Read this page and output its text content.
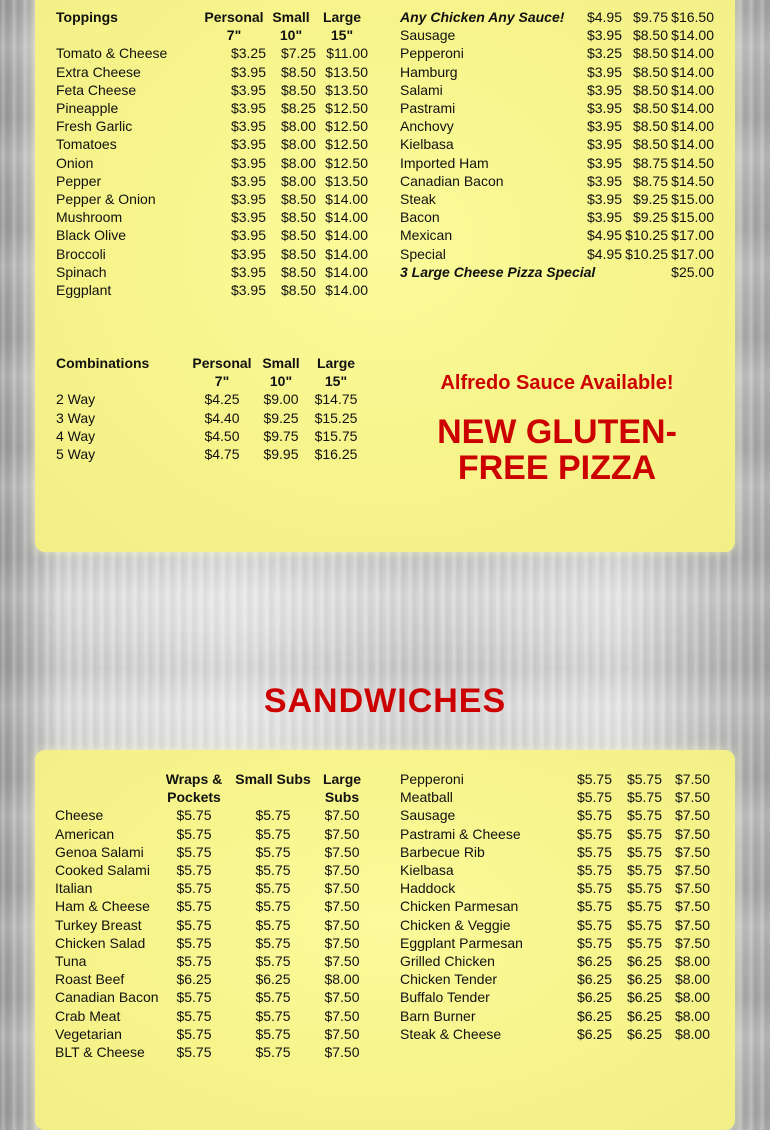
Toppings	Personal 7"	Small 10"	Large 15"
Tomato & Cheese	$3.25	$7.25	$11.00
Extra Cheese	$3.95	$8.50	$13.50
Feta Cheese	$3.95	$8.50	$13.50
Pineapple	$3.95	$8.25	$12.50
Fresh Garlic	$3.95	$8.00	$12.50
Tomatoes	$3.95	$8.00	$12.50
Onion	$3.95	$8.00	$12.50
Pepper	$3.95	$8.00	$13.50
Pepper & Onion	$3.95	$8.50	$14.00
Mushroom	$3.95	$8.50	$14.00
Black Olive	$3.95	$8.50	$14.00
Broccoli	$3.95	$8.50	$14.00
Spinach	$3.95	$8.50	$14.00
Eggplant	$3.95	$8.50	$14.00
Any Chicken Any Sauce!	$4.95	$9.75	$16.50
Sausage	$3.95	$8.50	$14.00
Pepperoni	$3.25	$8.50	$14.00
Hamburg	$3.95	$8.50	$14.00
Salami	$3.95	$8.50	$14.00
Pastrami	$3.95	$8.50	$14.00
Anchovy	$3.95	$8.50	$14.00
Kielbasa	$3.95	$8.50	$14.00
Imported Ham	$3.95	$8.75	$14.50
Canadian Bacon	$3.95	$8.75	$14.50
Steak	$3.95	$9.25	$15.00
Bacon	$3.95	$9.25	$15.00
Mexican	$4.95	$10.25	$17.00
Special	$4.95	$10.25	$17.00
3 Large Cheese Pizza Special			$25.00
Combinations	Personal 7"	Small 10"	Large 15"
2 Way	$4.25	$9.00	$14.75
3 Way	$4.40	$9.25	$15.25
4 Way	$4.50	$9.75	$15.75
5 Way	$4.75	$9.95	$16.25
Alfredo Sauce Available!
NEW GLUTEN-FREE PIZZA
SANDWICHES
	Wraps & Pockets	Small Subs	Large Subs
Cheese	$5.75	$5.75	$7.50
American	$5.75	$5.75	$7.50
Genoa Salami	$5.75	$5.75	$7.50
Cooked Salami	$5.75	$5.75	$7.50
Italian	$5.75	$5.75	$7.50
Ham & Cheese	$5.75	$5.75	$7.50
Turkey Breast	$5.75	$5.75	$7.50
Chicken Salad	$5.75	$5.75	$7.50
Tuna	$5.75	$5.75	$7.50
Roast Beef	$6.25	$6.25	$8.00
Canadian Bacon	$5.75	$5.75	$7.50
Crab Meat	$5.75	$5.75	$7.50
Vegetarian	$5.75	$5.75	$7.50
BLT & Cheese	$5.75	$5.75	$7.50
Pepperoni	$5.75	$5.75	$7.50
Meatball	$5.75	$5.75	$7.50
Sausage	$5.75	$5.75	$7.50
Pastrami & Cheese	$5.75	$5.75	$7.50
Barbecue Rib	$5.75	$5.75	$7.50
Kielbasa	$5.75	$5.75	$7.50
Haddock	$5.75	$5.75	$7.50
Chicken Parmesan	$5.75	$5.75	$7.50
Chicken & Veggie	$5.75	$5.75	$7.50
Eggplant Parmesan	$5.75	$5.75	$7.50
Grilled Chicken	$6.25	$6.25	$8.00
Chicken Tender	$6.25	$6.25	$8.00
Buffalo Tender	$6.25	$6.25	$8.00
Barn Burner	$6.25	$6.25	$8.00
Steak & Cheese	$6.25	$6.25	$8.00
